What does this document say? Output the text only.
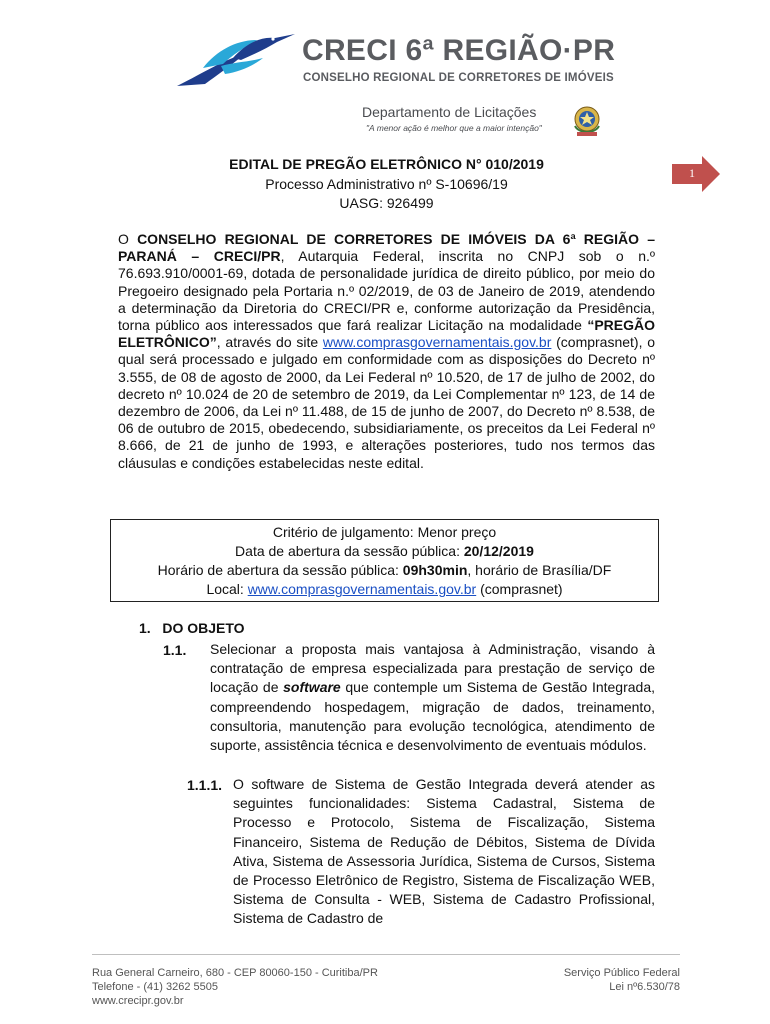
CRECI 6ª REGIÃO·PR
CONSELHO REGIONAL DE CORRETORES DE IMÓVEIS
Departamento de Licitações
"A menor ação é melhor que a maior intenção"
1
EDITAL DE PREGÃO ELETRÔNICO N° 010/2019
Processo Administrativo nº S-10696/19
UASG: 926499

O CONSELHO REGIONAL DE CORRETORES DE IMÓVEIS DA 6ª REGIÃO – PARANÁ – CRECI/PR, Autarquia Federal, inscrita no CNPJ sob o n.º 76.693.910/0001-69, dotada de personalidade jurídica de direito público, por meio do Pregoeiro designado pela Portaria n.º 02/2019, de 03 de Janeiro de 2019, atendendo a determinação da Diretoria do CRECI/PR e, conforme autorização da Presidência, torna público aos interessados que fará realizar Licitação na modalidade “PREGÃO ELETRÔNICO”, através do site www.comprasgovernamentais.gov.br (comprasnet), o qual será processado e julgado em conformidade com as disposições do Decreto nº 3.555, de 08 de agosto de 2000, da Lei Federal nº 10.520, de 17 de julho de 2002, do decreto nº 10.024 de 20 de setembro de 2019, da Lei Complementar nº 123, de 14 de dezembro de 2006, da Lei nº 11.488, de 15 de junho de 2007, do Decreto nº 8.538, de 06 de outubro de 2015, obedecendo, subsidiariamente, os preceitos da Lei Federal nº 8.666, de 21 de junho de 1993, e alterações posteriores, tudo nos termos das cláusulas e condições estabelecidas neste edital.

Critério de julgamento: Menor preço
Data de abertura da sessão pública: 20/12/2019
Horário de abertura da sessão pública: 09h30min, horário de Brasília/DF
Local: www.comprasgovernamentais.gov.br (comprasnet)
1.   DO OBJETO
1.1. Selecionar a proposta mais vantajosa à Administração, visando à contratação de empresa especializada para prestação de serviço de locação de software que contemple um Sistema de Gestão Integrada, compreendendo hospedagem, migração de dados, treinamento, consultoria, manutenção para evolução tecnológica, atendimento de suporte, assistência técnica e desenvolvimento de eventuais módulos.

1.1.1. O software de Sistema de Gestão Integrada deverá atender as seguintes funcionalidades: Sistema Cadastral, Sistema de Processo e Protocolo, Sistema de Fiscalização, Sistema Financeiro, Sistema de Redução de Débitos, Sistema de Dívida Ativa, Sistema de Assessoria Jurídica, Sistema de Cursos, Sistema de Processo Eletrônico de Registro, Sistema de Fiscalização WEB, Sistema de Consulta - WEB, Sistema de Cadastro Profissional, Sistema de Cadastro de

Rua General Carneiro, 680 - CEP 80060-150 - Curitiba/PR
Telefone - (41) 3262 5505
www.crecipr.gov.br
Serviço Público Federal
Lei nº6.530/78
